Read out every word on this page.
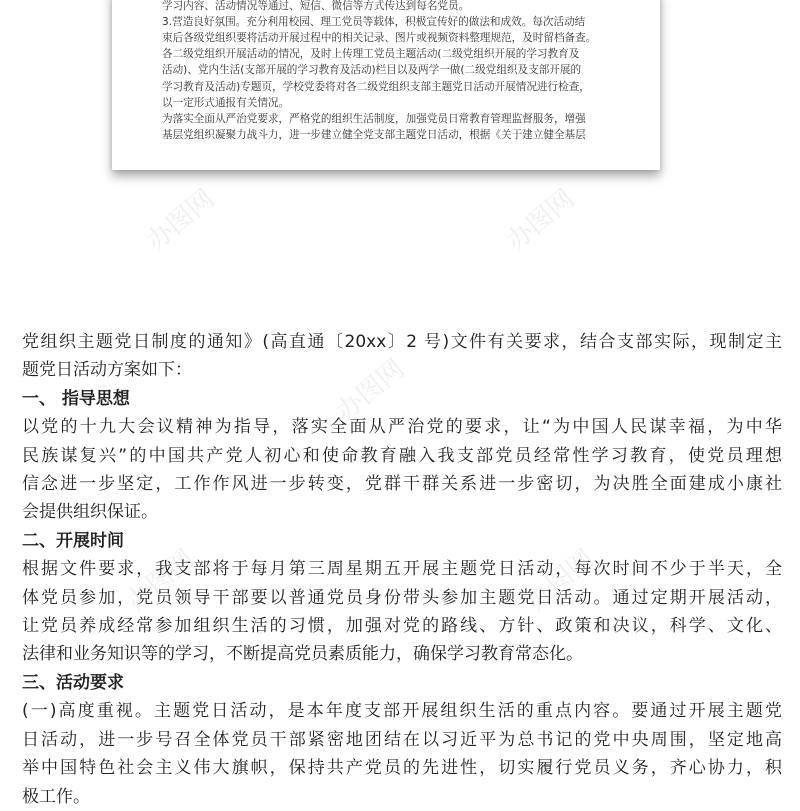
学习内容、活动情况等通过、短信、微信等方式传达到每名党员。
3.营造良好氛围。充分利用校园、理工党员等载体，积极宣传好的做法和成效。每次活动结
束后各级党组织要将活动开展过程中的相关记录、图片或视频资料整理规范，及时留档备查。
各二级党组织开展活动的情况，及时上传理工党员主题活动(二级党组织开展的学习教育及
活动)、党内生活(支部开展的学习教育及活动)栏目以及两学一做(二级党组织及支部开展的
学习教育及活动)专题页，学校党委将对各二级党组织支部主题党日活动开展情况进行检查，
以一定形式通报有关情况。
为落实全面从严治党要求，严格党的组织生活制度，加强党员日常教育管理监督服务，增强
基层党组织凝聚力战斗力，进一步建立健全党支部主题党日活动，根据《关于建立健全基层
办图网
办图网	办图网
党组织主题党日制度的通知》(高直通〔20xx〕2 号)文件有关要求，结合支部实际，现制定主
题党日活动方案如下：
一、 指导思想
以党的十九大会议精神为指导，落实全面从严治党的要求，让“为中国人民谋幸福，为中华
民族谋复兴”的中国共产党人初心和使命教育融入我支部党员经常性学习教育，使党员理想
信念进一步坚定，工作作风进一步转变，党群干群关系进一步密切，为决胜全面建成小康社
会提供组织保证。
二、开展时间
根据文件要求，我支部将于每月第三周星期五开展主题党日活动，每次时间不少于半天，全
体党员参加，党员领导干部要以普通党员身份带头参加主题党日活动。通过定期开展活动，
让党员养成经常参加组织生活的习惯，加强对党的路线、方针、政策和决议，科学、文化、
法律和业务知识等的学习，不断提高党员素质能力，确保学习教育常态化。
三、活动要求
(一)高度重视。主题党日活动，是本年度支部开展组织生活的重点内容。要通过开展主题党
日活动，进一步号召全体党员干部紧密地团结在以习近平为总书记的党中央周围，坚定地高
举中国特色社会主义伟大旗帜，保持共产党员的先进性，切实履行党员义务，齐心协力，积
极工作。
